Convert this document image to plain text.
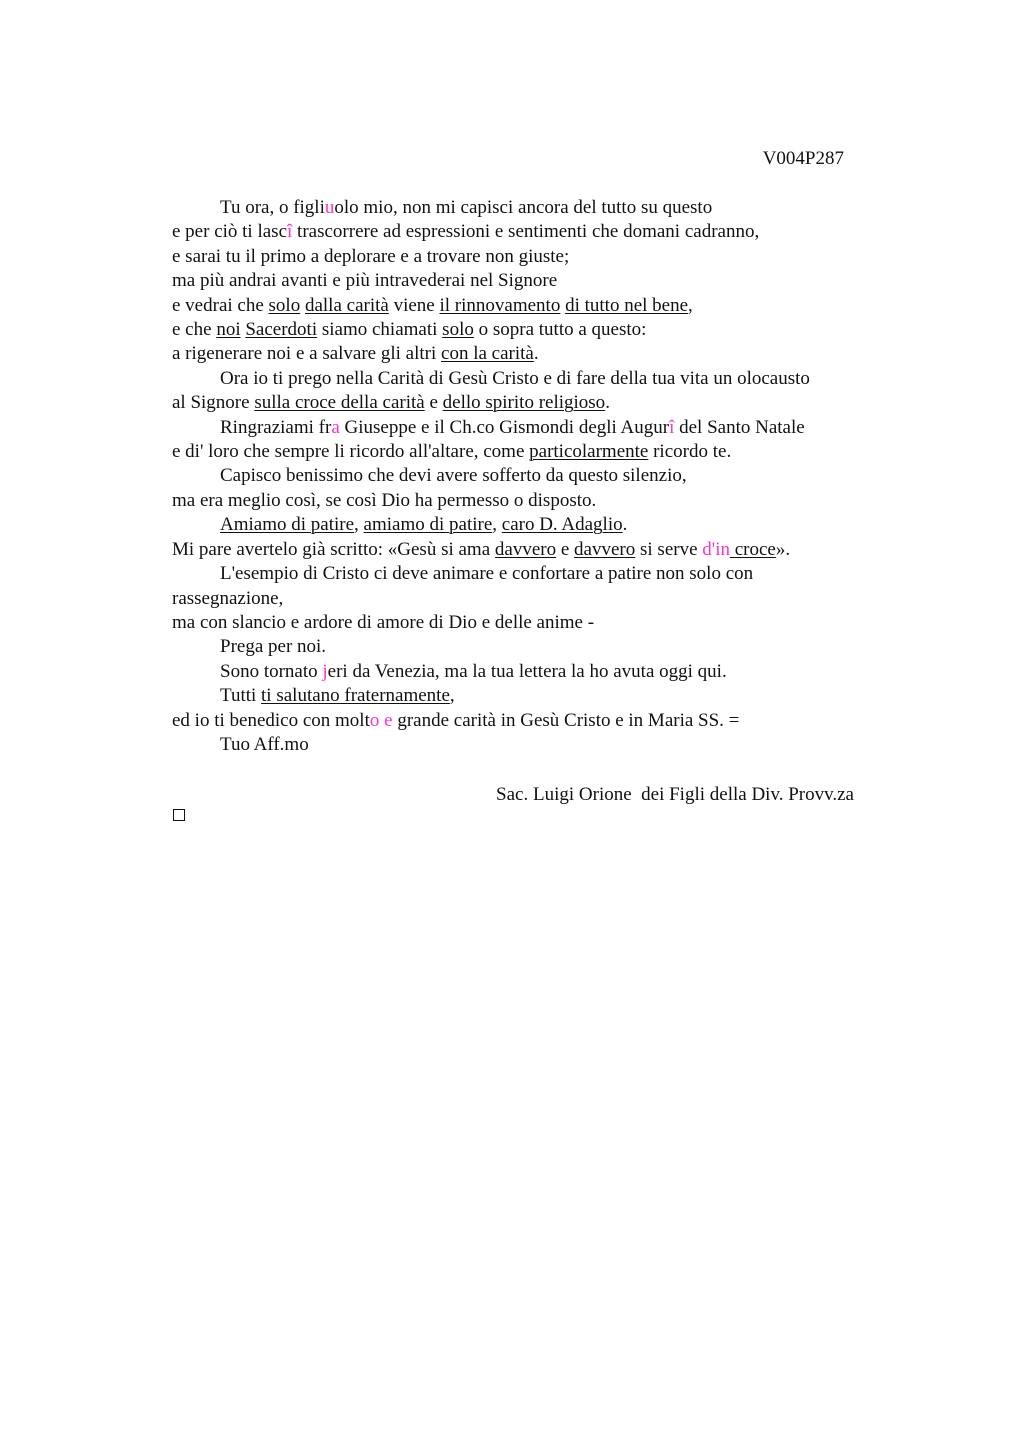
V004P287
Tu ora, o figliuolo mio, non mi capisci ancora del tutto su questo
e per ciò ti lascî trascorrere ad espressioni e sentimenti che domani cadranno,
e sarai tu il primo a deplorare e a trovare non giuste;
ma più andrai avanti e più intravederai nel Signore
e vedrai che solo dalla carità viene il rinnovamento di tutto nel bene,
e che noi Sacerdoti siamo chiamati solo o sopra tutto a questo:
a rigenerare noi e a salvare gli altri con la carità.
Ora io ti prego nella Carità di Gesù Cristo e di fare della tua vita un olocausto
al Signore sulla croce della carità e dello spirito religioso.
Ringraziami fra Giuseppe e il Ch.co Gismondi degli Augurî del Santo Natale
e di' loro che sempre li ricordo all'altare, come particolarmente ricordo te.
Capisco benissimo che devi avere sofferto da questo silenzio,
ma era meglio così, se così Dio ha permesso o disposto.
Amiamo di patire, amiamo di patire, caro D. Adaglio.
Mi pare avertelo già scritto: «Gesù si ama davvero e davvero si serve d'in croce».
L'esempio di Cristo ci deve animare e confortare a patire non solo con
rassegnazione,
ma con slancio e ardore di amore di Dio e delle anime -
Prega per noi.
Sono tornato jeri da Venezia, ma la tua lettera la ho avuta oggi qui.
Tutti ti salutano fraternamente,
ed io ti benedico con molto e grande carità in Gesù Cristo e in Maria SS. =
Tuo Aff.mo
Sac. Luigi Orione  dei Figli della Div. Provv.za
